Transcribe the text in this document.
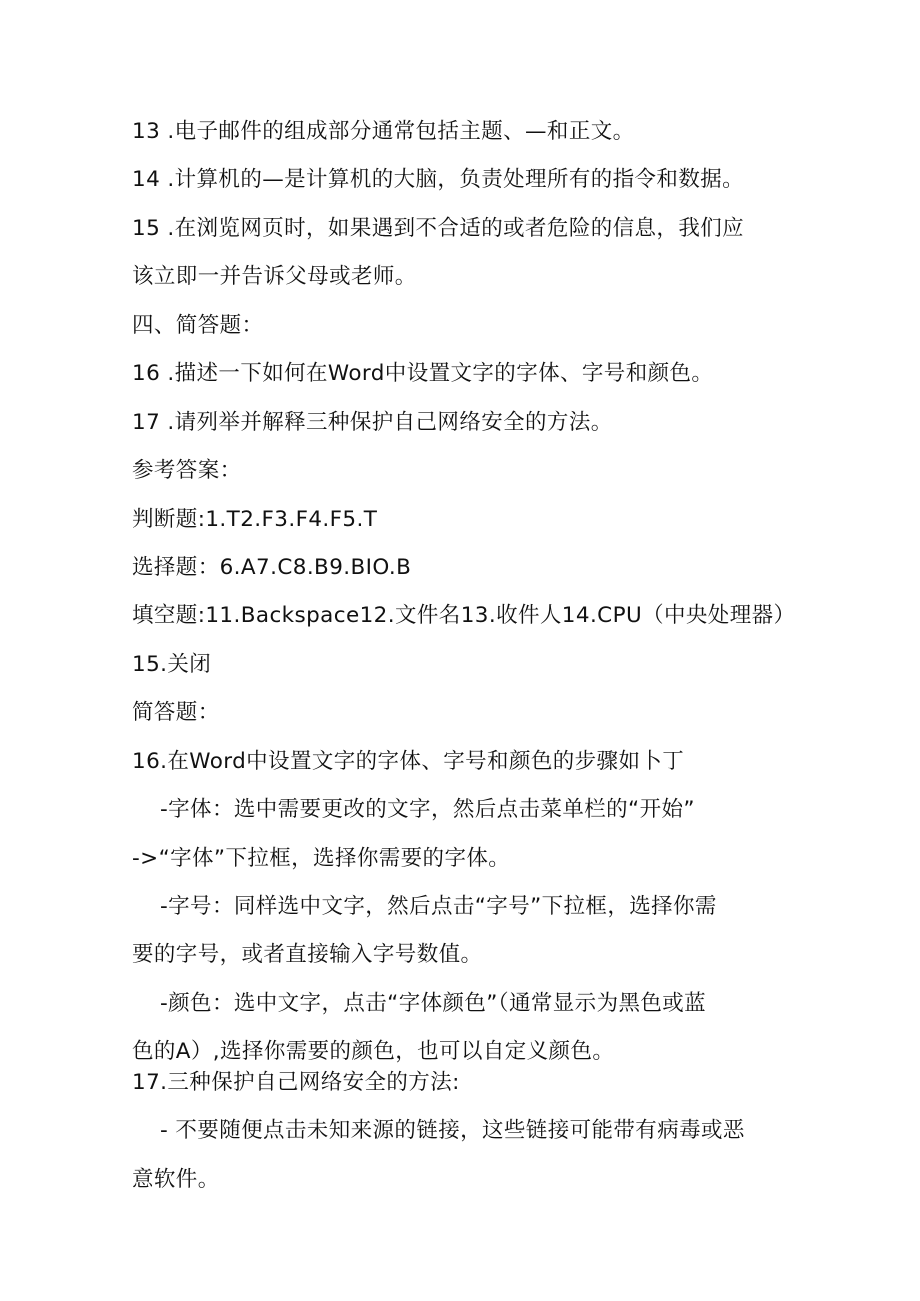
13 .电子邮件的组成部分通常包括主题、—和正文。
14 .计算机的—是计算机的大脑，负责处理所有的指令和数据。
15 .在浏览网页时，如果遇到不合适的或者危险的信息，我们应
该立即一并告诉父母或老师。
四、简答题：
16 .描述一下如何在Word中设置文字的字体、字号和颜色。
17 .请列举并解释三种保护自己网络安全的方法。
参考答案：
判断题:1.T2.F3.F4.F5.T
选择题：6.A7.C8.B9.BIO.B
填空题:11.Backspace12.文件名13.收件人14.CPU（中央处理器）
15.关闭
简答题：
16.在Word中设置文字的字体、字号和颜色的步骤如卜丁
-字体：选中需要更改的文字，然后点击菜单栏的“开始”
->“字体”下拉框，选择你需要的字体。
-字号：同样选中文字，然后点击“字号”下拉框，选择你需
要的字号，或者直接输入字号数值。
-颜色：选中文字，点击“字体颜色”（通常显示为黑色或蓝
色的A）,选择你需要的颜色，也可以自定义颜色。
17.三种保护自己网络安全的方法:
- 不要随便点击未知来源的链接，这些链接可能带有病毒或恶
意软件。
